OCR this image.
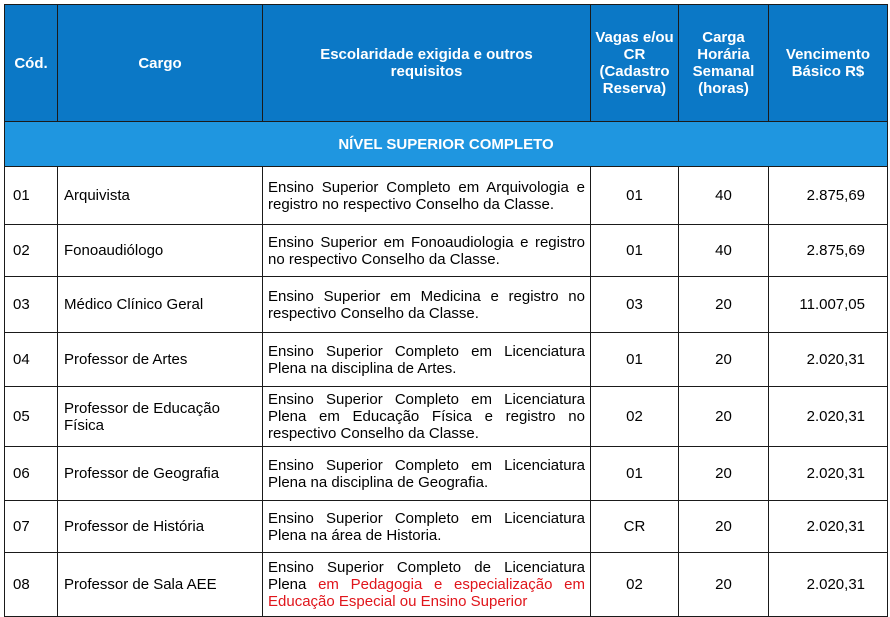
Cód.	Cargo	Escolaridade exigida e outros requisitos	Vagas e/ou CR (Cadastro Reserva)	Carga Horária Semanal (horas)	Vencimento Básico R$
NÍVEL SUPERIOR COMPLETO					
01	Arquivista	Ensino Superior Completo em Arquivologia e registro no respectivo Conselho da Classe.	01	40	2.875,69
02	Fonoaudiólogo	Ensino Superior em Fonoaudiologia e registro no respectivo Conselho da Classe.	01	40	2.875,69
03	Médico Clínico Geral	Ensino Superior em Medicina e registro no respectivo Conselho da Classe.	03	20	11.007,05
04	Professor de Artes	Ensino Superior Completo em Licenciatura Plena na disciplina de Artes.	01	20	2.020,31
05	Professor de Educação Física	Ensino Superior Completo em Licenciatura Plena em Educação Física e registro no respectivo Conselho da Classe.	02	20	2.020,31
06	Professor de Geografia	Ensino Superior Completo em Licenciatura Plena na disciplina de Geografia.	01	20	2.020,31
07	Professor de História	Ensino Superior Completo em Licenciatura Plena na área de Historia.	CR	20	2.020,31
08	Professor de Sala AEE	Ensino Superior Completo de Licenciatura Plena em Pedagogia e especialização em Educação Especial ou Ensino Superior	02	20	2.020,31
